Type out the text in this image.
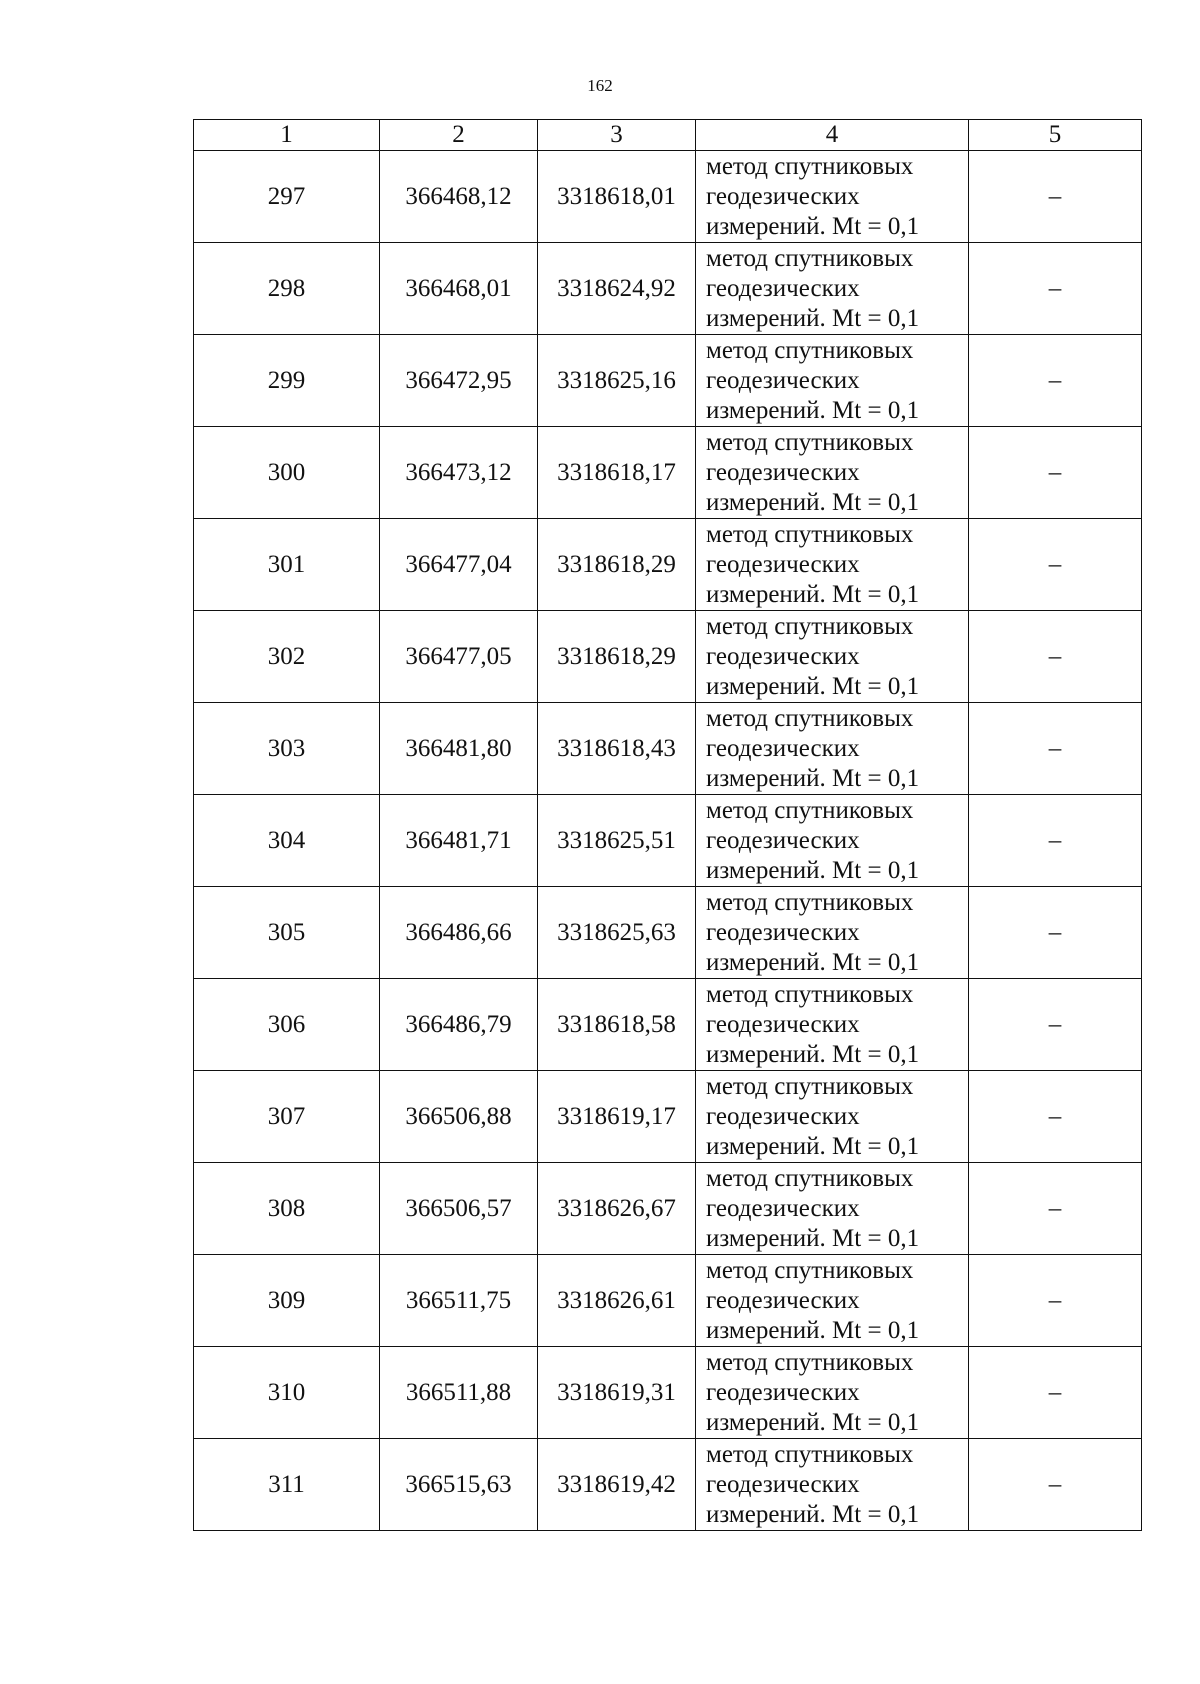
162
1	2	3	4	5
297	366468,12	3318618,01	метод спутниковых
геодезических
измерений. Mt = 0,1	–
298	366468,01	3318624,92	метод спутниковых
геодезических
измерений. Mt = 0,1	–
299	366472,95	3318625,16	метод спутниковых
геодезических
измерений. Mt = 0,1	–
300	366473,12	3318618,17	метод спутниковых
геодезических
измерений. Mt = 0,1	–
301	366477,04	3318618,29	метод спутниковых
геодезических
измерений. Mt = 0,1	–
302	366477,05	3318618,29	метод спутниковых
геодезических
измерений. Mt = 0,1	–
303	366481,80	3318618,43	метод спутниковых
геодезических
измерений. Mt = 0,1	–
304	366481,71	3318625,51	метод спутниковых
геодезических
измерений. Mt = 0,1	–
305	366486,66	3318625,63	метод спутниковых
геодезических
измерений. Mt = 0,1	–
306	366486,79	3318618,58	метод спутниковых
геодезических
измерений. Mt = 0,1	–
307	366506,88	3318619,17	метод спутниковых
геодезических
измерений. Mt = 0,1	–
308	366506,57	3318626,67	метод спутниковых
геодезических
измерений. Mt = 0,1	–
309	366511,75	3318626,61	метод спутниковых
геодезических
измерений. Mt = 0,1	–
310	366511,88	3318619,31	метод спутниковых
геодезических
измерений. Mt = 0,1	–
311	366515,63	3318619,42	метод спутниковых
геодезических
измерений. Mt = 0,1	–
